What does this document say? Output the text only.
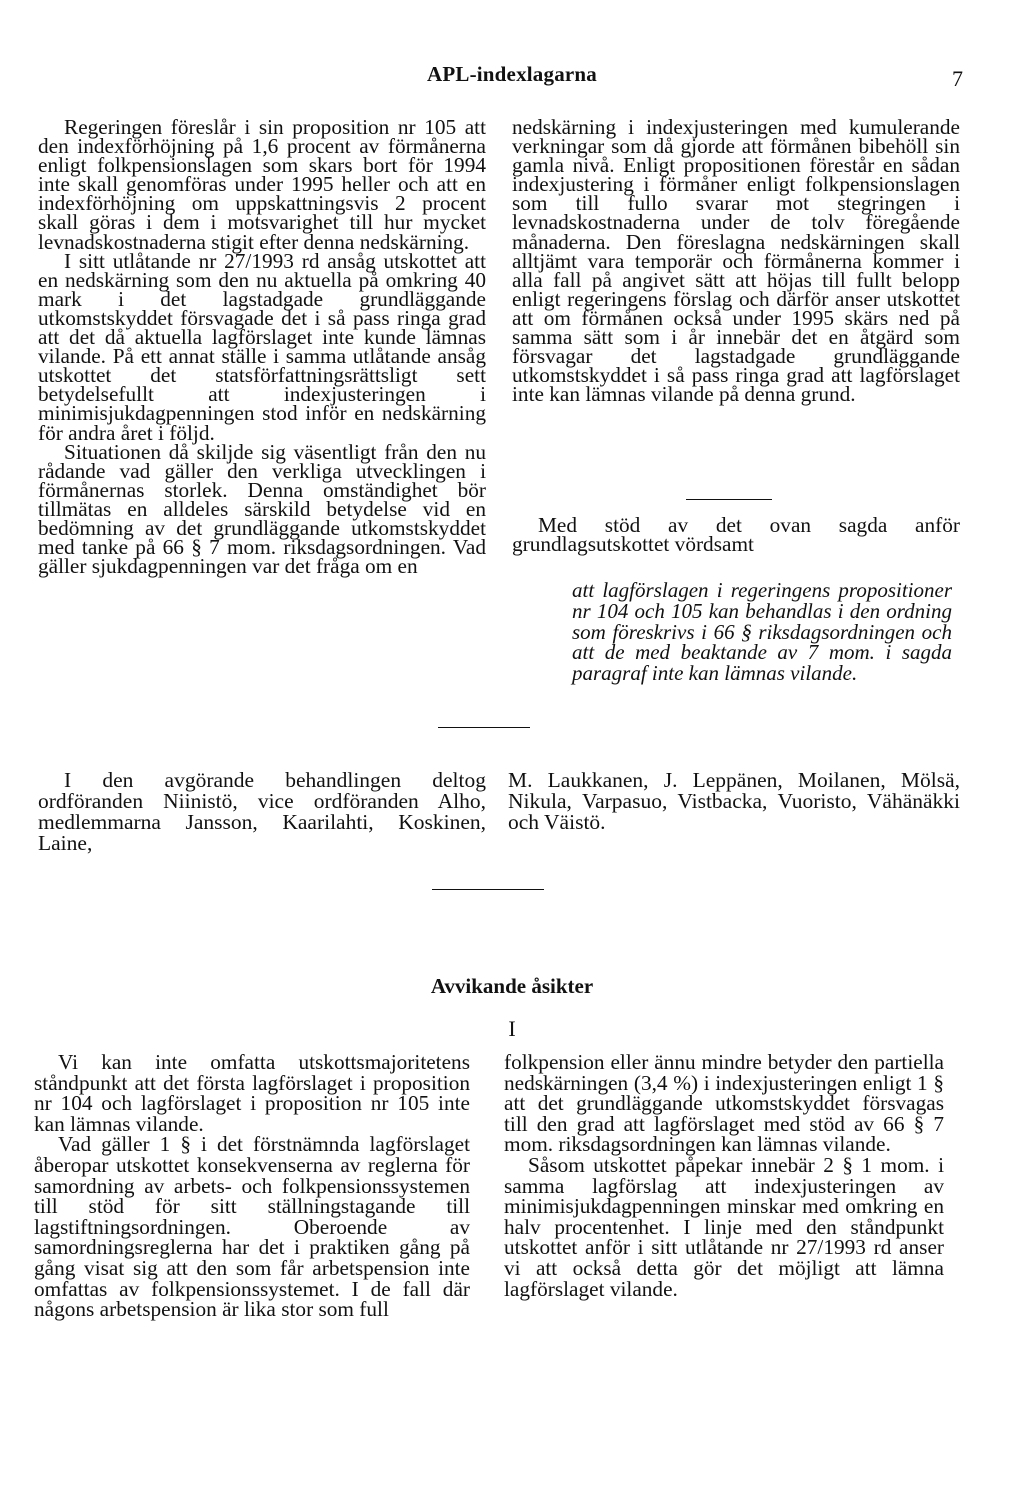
APL-indexlagarna	7

Regeringen föreslår i sin proposition nr 105 att den indexförhöjning på 1,6 procent av förmånerna enligt folkpensionslagen som skars bort för 1994 inte skall genomföras under 1995 heller och att en indexförhöjning om uppskattningsvis 2 procent skall göras i dem i motsvarighet till hur mycket levnadskostnaderna stigit efter denna nedskärning.

I sitt utlåtande nr 27/1993 rd ansåg utskottet att en nedskärning som den nu aktuella på omkring 40 mark i det lagstadgade grundläggande utkomstskyddet försvagade det i så pass ringa grad att det då aktuella lagförslaget inte kunde lämnas vilande. På ett annat ställe i samma utlåtande ansåg utskottet det statsförfattningsrättsligt sett betydelsefullt att indexjusteringen i minimisjukdagpenningen stod inför en nedskärning för andra året i följd.

Situationen då skiljde sig väsentligt från den nu rådande vad gäller den verkliga utvecklingen i förmånernas storlek. Denna omständighet bör tillmätas en alldeles särskild betydelse vid en bedömning av det grundläggande utkomstskyddet med tanke på 66 § 7 mom. riksdagsordningen. Vad gäller sjukdagpenningen var det fråga om en

nedskärning i indexjusteringen med kumulerande verkningar som då gjorde att förmånen bibehöll sin gamla nivå. Enligt propositionen förestår en sådan indexjustering i förmåner enligt folkpensionslagen som till fullo svarar mot stegringen i levnadskostnaderna under de tolv föregående månaderna. Den föreslagna nedskärningen skall alltjämt vara temporär och förmånerna kommer i alla fall på angivet sätt att höjas till fullt belopp enligt regeringens förslag och därför anser utskottet att om förmånen också under 1995 skärs ned på samma sätt som i år innebär det en åtgärd som försvagar det lagstadgade grundläggande utkomstskyddet i så pass ringa grad att lagförslaget inte kan lämnas vilande på denna grund.

Med stöd av det ovan sagda anför grundlagsutskottet vördsamt

att lagförslagen i regeringens propositioner nr 104 och 105 kan behandlas i den ordning som föreskrivs i 66 § riksdagsordningen och att de med beaktande av 7 mom. i sagda paragraf inte kan lämnas vilande.

I den avgörande behandlingen deltog ordföranden Niinistö, vice ordföranden Alho, medlemmarna Jansson, Kaarilahti, Koskinen, Laine,

M. Laukkanen, J. Leppänen, Moilanen, Mölsä, Nikula, Varpasuo, Vistbacka, Vuoristo, Vähänäkki och Väistö.

Avvikande åsikter
I

Vi kan inte omfatta utskottsmajoritetens ståndpunkt att det första lagförslaget i proposition nr 104 och lagförslaget i proposition nr 105 inte kan lämnas vilande.

Vad gäller 1 § i det förstnämnda lagförslaget åberopar utskottet konsekvenserna av reglerna för samordning av arbets- och folkpensionssystemen till stöd för sitt ställningstagande till lagstiftningsordningen. Oberoende av samordningsreglerna har det i praktiken gång på gång visat sig att den som får arbetspension inte omfattas av folkpensionssystemet. I de fall där någons arbetspension är lika stor som full

folkpension eller ännu mindre betyder den partiella nedskärningen (3,4 %) i indexjusteringen enligt 1 § att det grundläggande utkomstskyddet försvagas till den grad att lagförslaget med stöd av 66 § 7 mom. riksdagsordningen kan lämnas vilande.

Såsom utskottet påpekar innebär 2 § 1 mom. i samma lagförslag att indexjusteringen av minimisjukdagpenningen minskar med omkring en halv procentenhet. I linje med den ståndpunkt utskottet anför i sitt utlåtande nr 27/1993 rd anser vi att också detta gör det möjligt att lämna lagförslaget vilande.
